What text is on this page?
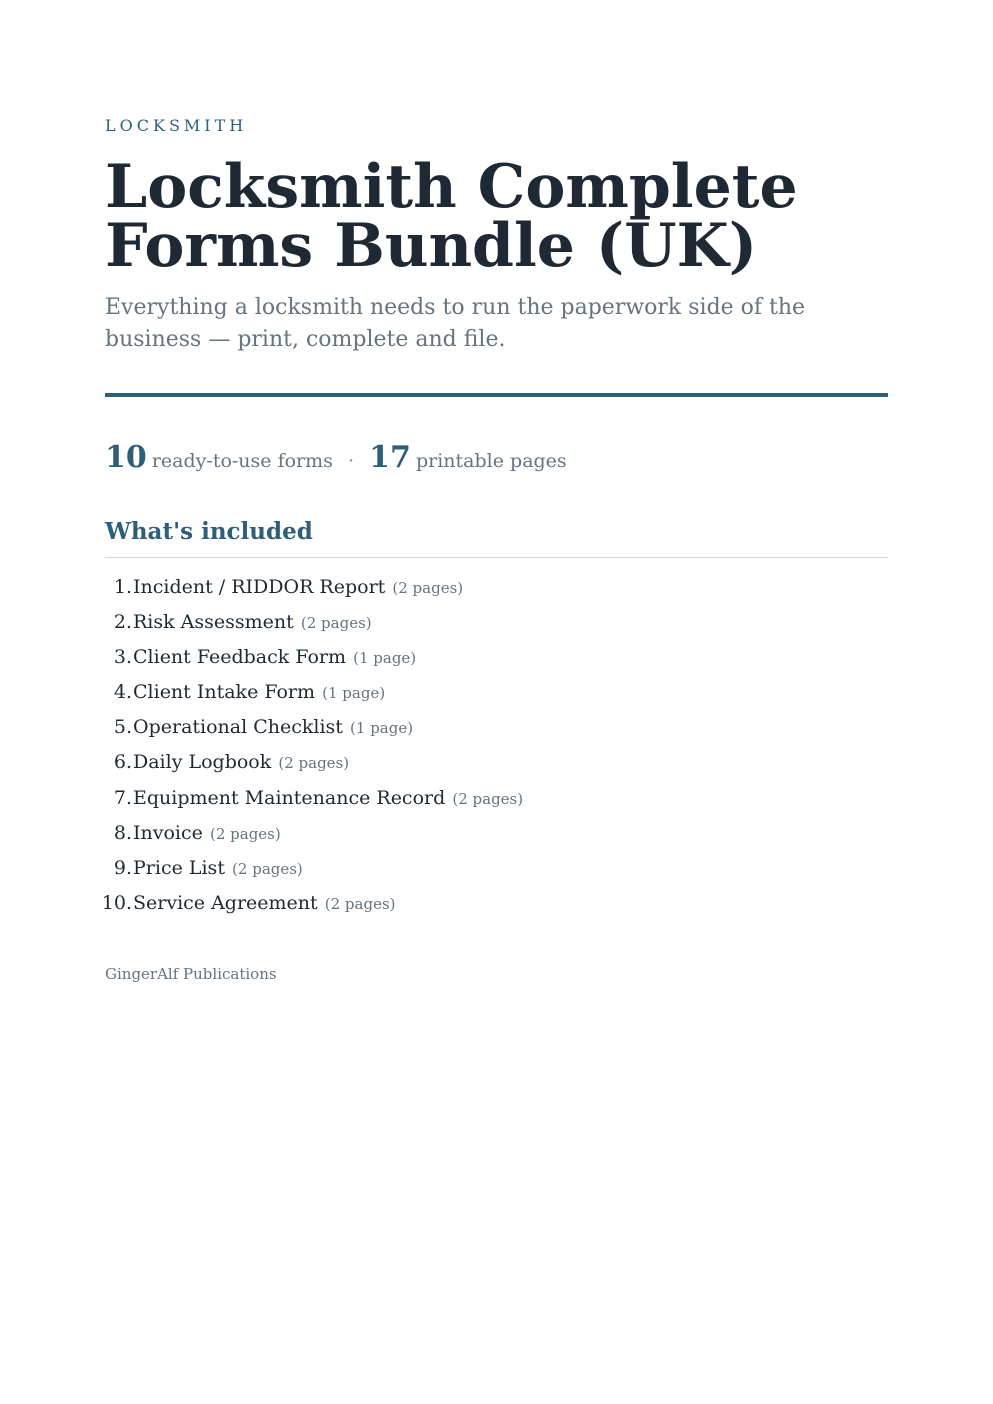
LOCKSMITH
Locksmith Complete Forms Bundle (UK)

Everything a locksmith needs to run the paperwork side of the business — print, complete and file.

10 ready-to-use forms · 17 printable pages
What's included
1. Incident / RIDDOR Report (2 pages)
2. Risk Assessment (2 pages)
3. Client Feedback Form (1 page)
4. Client Intake Form (1 page)
5. Operational Checklist (1 page)
6. Daily Logbook (2 pages)
7. Equipment Maintenance Record (2 pages)
8. Invoice (2 pages)
9. Price List (2 pages)
10. Service Agreement (2 pages)
GingerAlf Publications
